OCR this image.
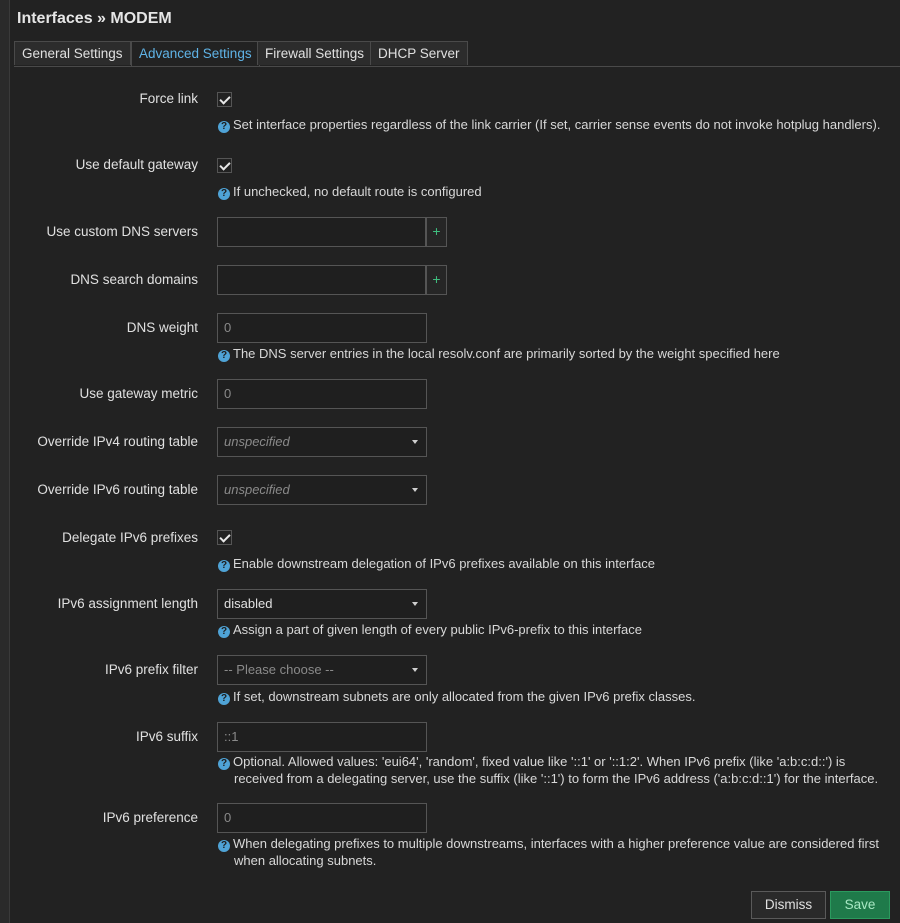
Interfaces » MODEM
General Settings	Advanced Settings Firewall Settings	DHCP Server
Force link
? Set interface properties regardless of the link carrier (If set, carrier sense events do not invoke hotplug handlers).
Use default gateway
? If unchecked, no default route is configured
Use custom DNS servers	+
DNS search domains	+
DNS weight	0
? The DNS server entries in the local resolv.conf are primarily sorted by the weight specified here
Use gateway metric	0
Override IPv4 routing table	unspecified
Override IPv6 routing table	unspecified
Delegate IPv6 prefixes
? Enable downstream delegation of IPv6 prefixes available on this interface
IPv6 assignment length	disabled
? Assign a part of given length of every public IPv6-prefix to this interface
IPv6 prefix filter	-- Please choose --
? If set, downstream subnets are only allocated from the given IPv6 prefix classes.
IPv6 suffix	::1
? Optional. Allowed values: 'eui64', 'random', fixed value like '::1' or '::1:2'. When IPv6 prefix (like 'a:b:c:d::') is
received from a delegating server, use the suffix (like '::1') to form the IPv6 address ('a:b:c:d::1') for the interface.
IPv6 preference	0
? When delegating prefixes to multiple downstreams, interfaces with a higher preference value are considered first
when allocating subnets.
Dismiss	Save
